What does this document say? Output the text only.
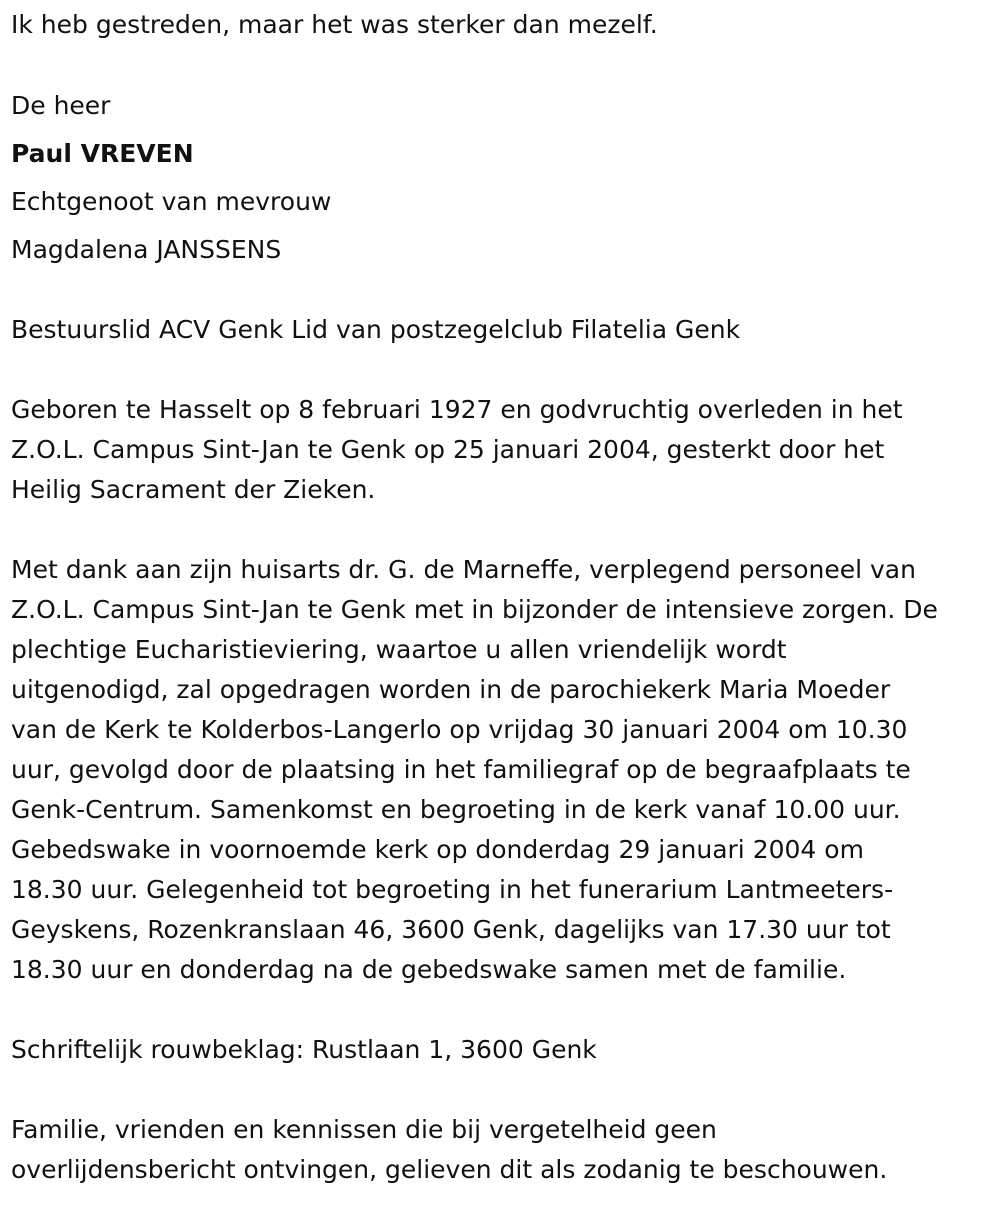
Ik heb gestreden, maar het was sterker dan mezelf.
De heer
Paul VREVEN
Echtgenoot van mevrouw
Magdalena JANSSENS
Bestuurslid ACV Genk Lid van postzegelclub Filatelia Genk
Geboren te Hasselt op 8 februari 1927 en godvruchtig overleden in het
Z.O.L. Campus Sint-Jan te Genk op 25 januari 2004, gesterkt door het
Heilig Sacrament der Zieken.
Met dank aan zijn huisarts dr. G. de Marneffe, verplegend personeel van
Z.O.L. Campus Sint-Jan te Genk met in bijzonder de intensieve zorgen. De
plechtige Eucharistieviering, waartoe u allen vriendelijk wordt
uitgenodigd, zal opgedragen worden in de parochiekerk Maria Moeder
van de Kerk te Kolderbos-Langerlo op vrijdag 30 januari 2004 om 10.30
uur, gevolgd door de plaatsing in het familiegraf op de begraafplaats te
Genk-Centrum. Samenkomst en begroeting in de kerk vanaf 10.00 uur.
Gebedswake in voornoemde kerk op donderdag 29 januari 2004 om
18.30 uur. Gelegenheid tot begroeting in het funerarium Lantmeeters-
Geyskens, Rozenkranslaan 46, 3600 Genk, dagelijks van 17.30 uur tot
18.30 uur en donderdag na de gebedswake samen met de familie.
Schriftelijk rouwbeklag: Rustlaan 1, 3600 Genk
Familie, vrienden en kennissen die bij vergetelheid geen
overlijdensbericht ontvingen, gelieven dit als zodanig te beschouwen.
